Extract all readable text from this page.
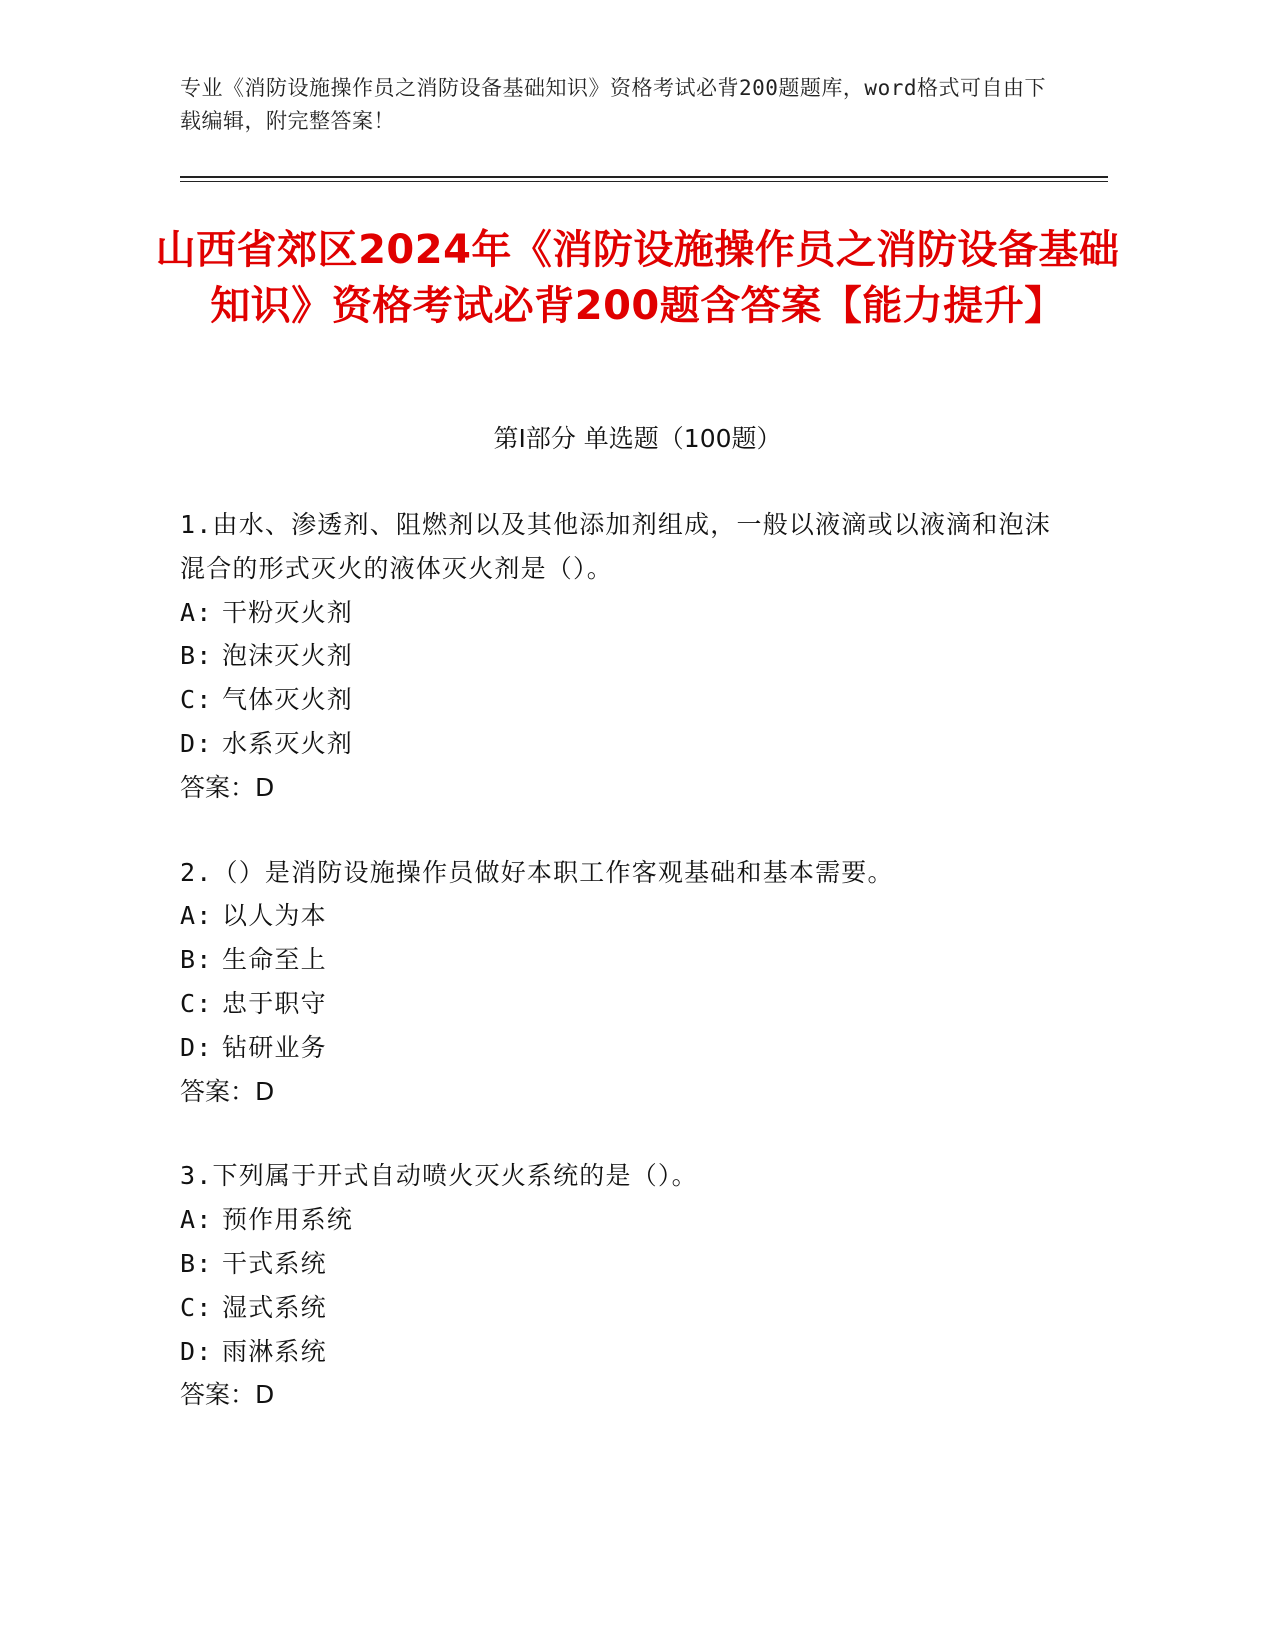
专业《消防设施操作员之消防设备基础知识》资格考试必背200题题库，word格式可自由下载编辑，附完整答案！
山西省郊区2024年《消防设施操作员之消防设备基础知识》资格考试必背200题含答案【能力提升】
第I部分 单选题（100题）
1.由水、渗透剂、阻燃剂以及其他添加剂组成，一般以液滴或以液滴和泡沫混合的形式灭火的液体灭火剂是（）。
A: 干粉灭火剂
B: 泡沫灭火剂
C: 气体灭火剂
D: 水系灭火剂
答案：D
2.（）是消防设施操作员做好本职工作客观基础和基本需要。
A: 以人为本
B: 生命至上
C: 忠于职守
D: 钻研业务
答案：D
3.下列属于开式自动喷火灭火系统的是（）。
A: 预作用系统
B: 干式系统
C: 湿式系统
D: 雨淋系统
答案：D
